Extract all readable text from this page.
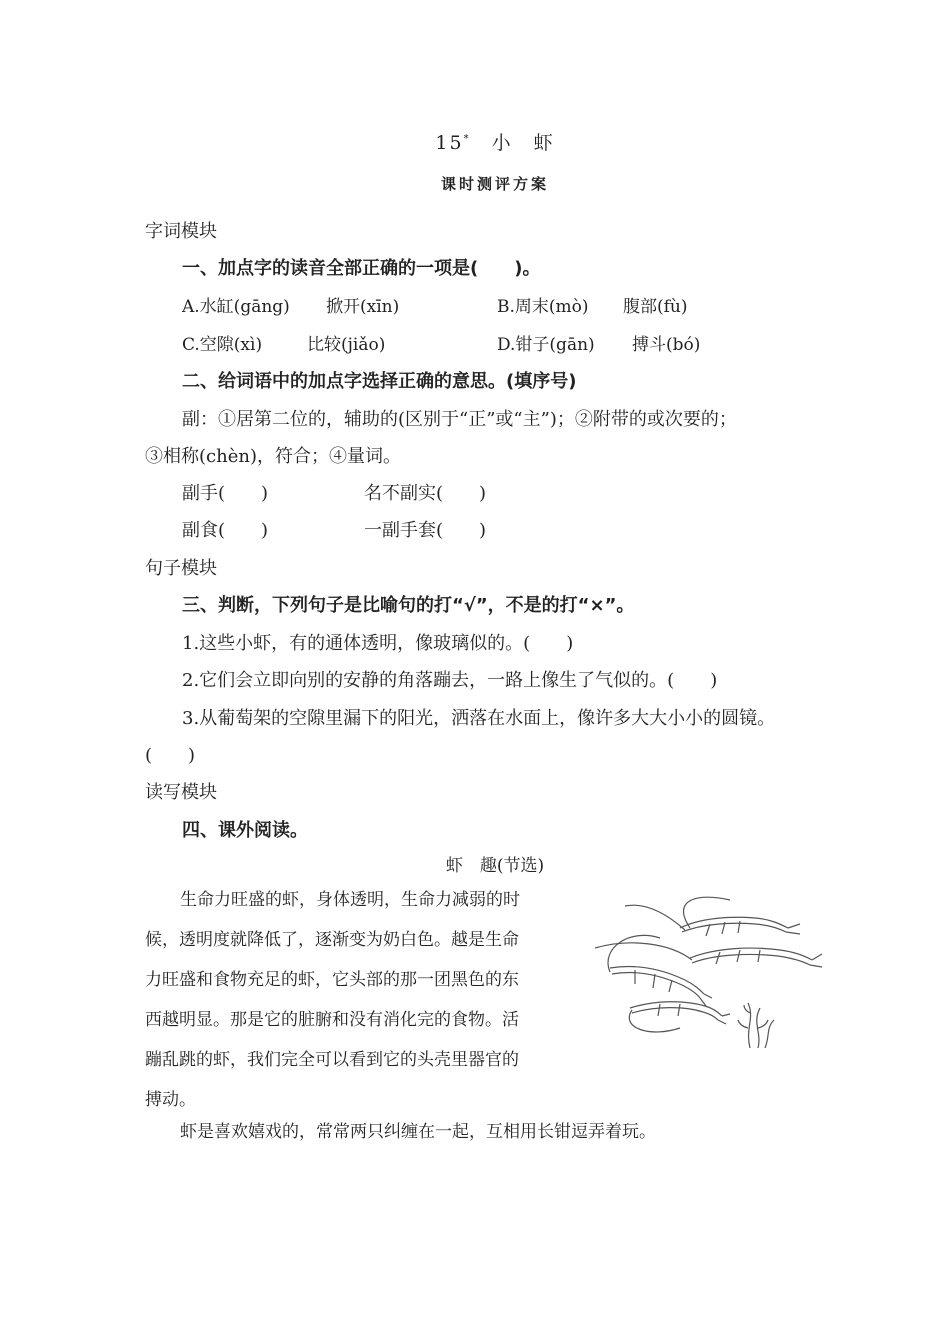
15*　 小　虾
课时测评方案
字词模块
一、加点字的读音全部正确的一项是(　　)。
A.水缸(gāng) 掀开(xīn)	B.周末(mò) 腹部(fù)
C.空隙(xì)	比较(jiǎo)	D.钳子(gān) 搏斗(bó)
二、给词语中的加点字选择正确的意思。(填序号)
副：①居第二位的，辅助的(区别于“正”或“主”)；②附带的或次要的；
③相称(chèn)，符合；④量词。
副手(　　)	名不副实(　　)
副食(　　)	一副手套(　　)
句子模块
三、判断，下列句子是比喻句的打“√”，不是的打“×”。
1.这些小虾，有的通体透明，像玻璃似的。(　　)
2.它们会立即向别的安静的角落蹦去，一路上像生了气似的。(　　)
3.从葡萄架的空隙里漏下的阳光，洒落在水面上，像许多大大小小的圆镜。
(　　)
读写模块
四、课外阅读。
虾　趣(节选)
生命力旺盛的虾，身体透明，生命力减弱的时
候，透明度就降低了，逐渐变为奶白色。越是生命
力旺盛和食物充足的虾，它头部的那一团黑色的东
西越明显。那是它的脏腑和没有消化完的食物。活
蹦乱跳的虾，我们完全可以看到它的头壳里器官的
搏动。
虾是喜欢嬉戏的，常常两只纠缠在一起，互相用长钳逗弄着玩。
